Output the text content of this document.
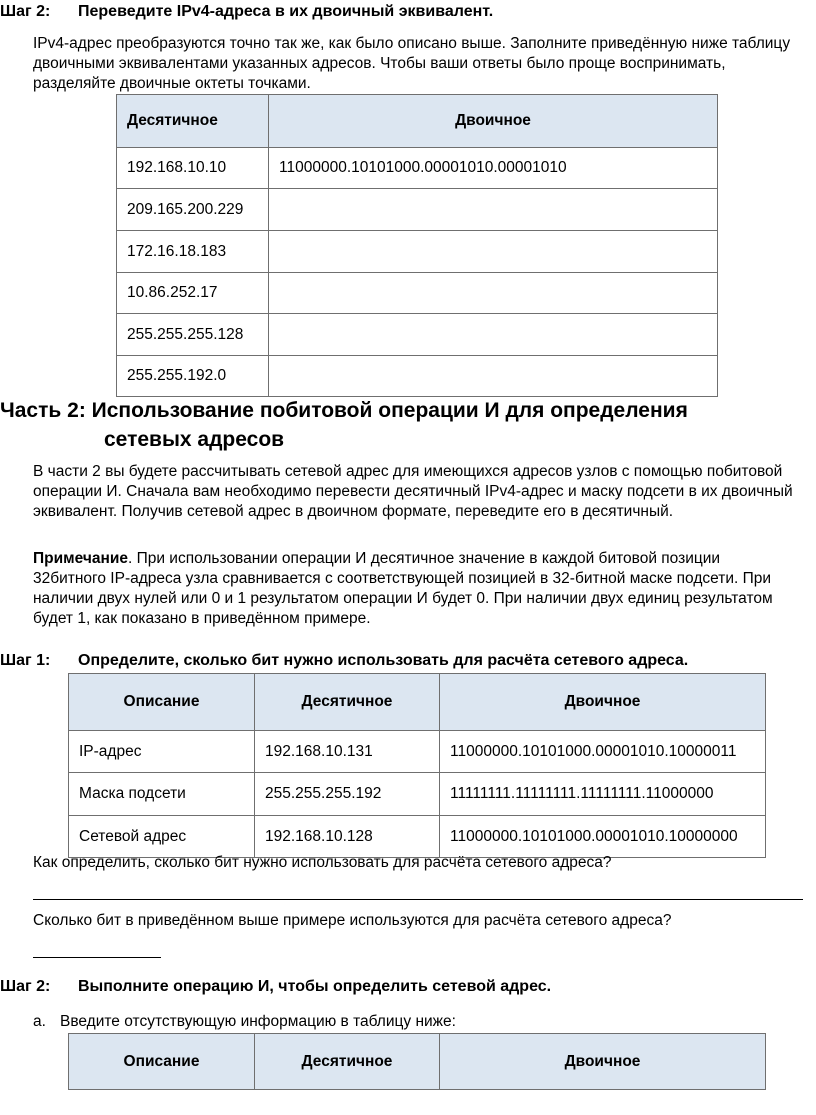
Шаг 2: Переведите IPv4-адреса в их двоичный эквивалент.
IPv4-адрес преобразуются точно так же, как было описано выше. Заполните приведённую ниже таблицу двоичными эквивалентами указанных адресов. Чтобы ваши ответы было проще воспринимать, разделяйте двоичные октеты точками.
Десятичное	Двоичное
192.168.10.10	11000000.10101000.00001010.00001010
209.165.200.229	
172.16.18.183	
10.86.252.17	
255.255.255.128	
255.255.192.0	
Часть 2: Использование побитовой операции И для определения
сетевых адресов
В части 2 вы будете рассчитывать сетевой адрес для имеющихся адресов узлов с помощью побитовой операции И. Сначала вам необходимо перевести десятичный IPv4-адрес и маску подсети в их двоичный эквивалент. Получив сетевой адрес в двоичном формате, переведите его в десятичный.
Примечание. При использовании операции И десятичное значение в каждой битовой позиции 32битного IP-адреса узла сравнивается с соответствующей позицией в 32-битной маске подсети. При наличии двух нулей или 0 и 1 результатом операции И будет 0. При наличии двух единиц результатом будет 1, как показано в приведённом примере.
Шаг 1: Определите, сколько бит нужно использовать для расчёта сетевого адреса.
Описание	Десятичное	Двоичное
IP-адрес	192.168.10.131	11000000.10101000.00001010.10000011
Маска подсети	255.255.255.192	11111111.11111111.11111111.11000000
Сетевой адрес	192.168.10.128	11000000.10101000.00001010.10000000
Как определить, сколько бит нужно использовать для расчёта сетевого адреса?
Сколько бит в приведённом выше примере используются для расчёта сетевого адреса?
Шаг 2: Выполните операцию И, чтобы определить сетевой адрес.
a. Введите отсутствующую информацию в таблицу ниже:
Описание	Десятичное	Двоичное
